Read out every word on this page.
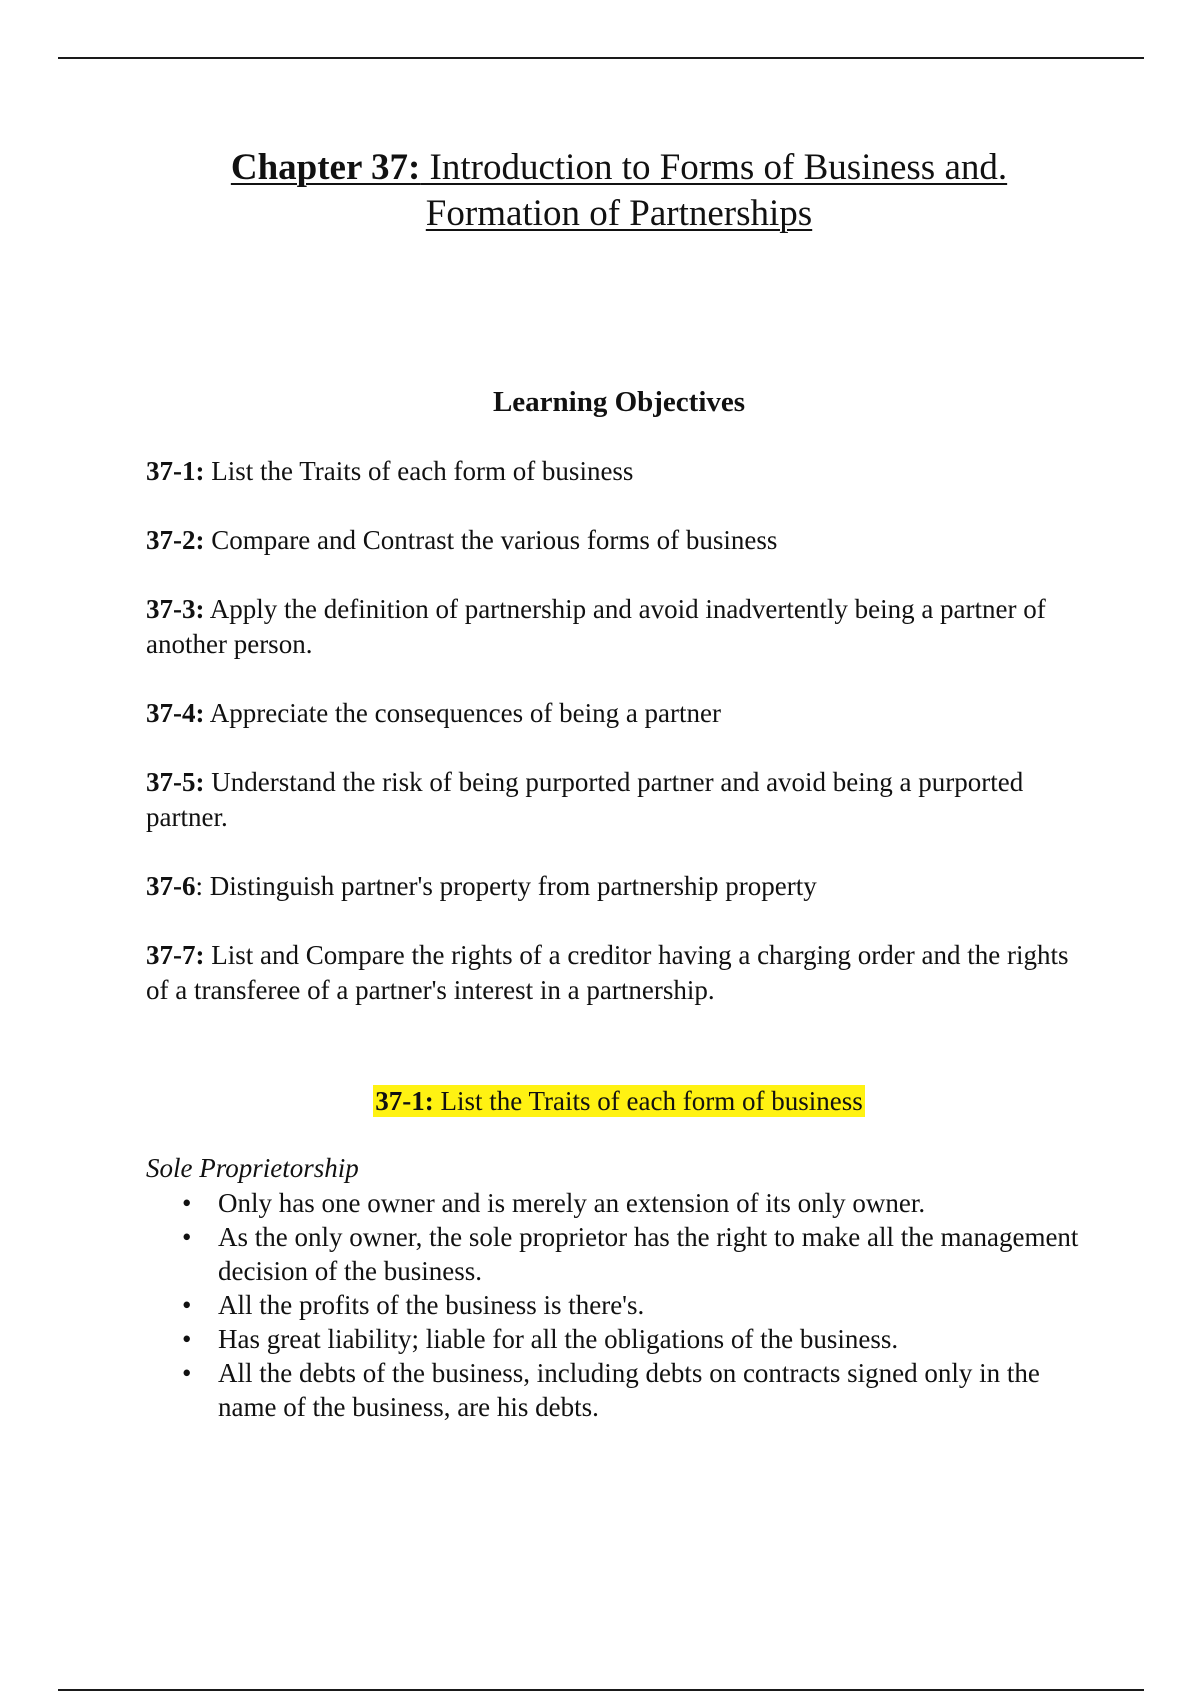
Chapter 37: Introduction to Forms of Business and.
Formation of Partnerships
Learning Objectives

37-1: List the Traits of each form of business

37-2: Compare and Contrast the various forms of business

37-3: Apply the definition of partnership and avoid inadvertently being a partner of another person.

37-4: Appreciate the consequences of being a partner

37-5: Understand the risk of being purported partner and avoid being a purported partner.

37-6: Distinguish partner's property from partnership property

37-7: List and Compare the rights of a creditor having a charging order and the rights of a transferee of a partner's interest in a partnership.

37-1: List the Traits of each form of business
Sole Proprietorship
• Only has one owner and is merely an extension of its only owner.
• As the only owner, the sole proprietor has the right to make all the management decision of the business.
• All the profits of the business is there's.
• Has great liability; liable for all the obligations of the business.
• All the debts of the business, including debts on contracts signed only in the name of the business, are his debts.
